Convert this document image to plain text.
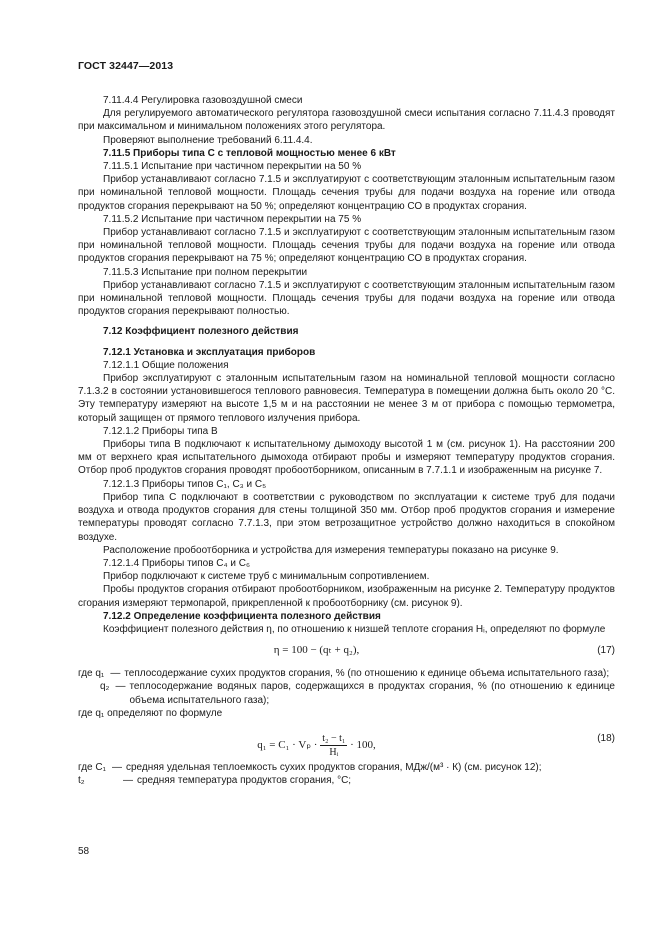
ГОСТ 32447—2013

7.11.4.4 Регулировка газовоздушной смеси

Для регулируемого автоматического регулятора газовоздушной смеси испытания согласно 7.11.4.3 проводят при максимальном и минимальном положениях этого регулятора.

Проверяют выполнение требований 6.11.4.4.

7.11.5 Приборы типа С с тепловой мощностью менее 6 кВт

7.11.5.1 Испытание при частичном перекрытии на 50 %

Прибор устанавливают согласно 7.1.5 и эксплуатируют с соответствующим эталонным испытательным газом при номинальной тепловой мощности. Площадь сечения трубы для подачи воздуха на горение или отвода продуктов сгорания перекрывают на 50 %; определяют концентрацию СО в продуктах сгорания.

7.11.5.2 Испытание при частичном перекрытии на 75 %

Прибор устанавливают согласно 7.1.5 и эксплуатируют с соответствующим эталонным испытательным газом при номинальной тепловой мощности. Площадь сечения трубы для подачи воздуха на горение или отвода продуктов сгорания перекрывают на 75 %; определяют концентрацию СО в продуктах сгорания.

7.11.5.3 Испытание при полном перекрытии

Прибор устанавливают согласно 7.1.5 и эксплуатируют с соответствующим эталонным испытательным газом при номинальной тепловой мощности. Площадь сечения трубы для подачи воздуха на горение или отвода продуктов сгорания перекрывают полностью.

7.12 Коэффициент полезного действия

7.12.1 Установка и эксплуатация приборов

7.12.1.1 Общие положения

Прибор эксплуатируют с эталонным испытательным газом на номинальной тепловой мощности согласно 7.1.3.2 в состоянии установившегося теплового равновесия. Температура в помещении должна быть около 20 °С. Эту температуру измеряют на высоте 1,5 м и на расстоянии не менее 3 м от прибора с помощью термометра, который защищен от прямого теплового излучения прибора.

7.12.1.2 Приборы типа В

Приборы типа В подключают к испытательному дымоходу высотой 1 м (см. рисунок 1). На расстоянии 200 мм от верхнего края испытательного дымохода отбирают пробы и измеряют температуру продуктов сгорания. Отбор проб продуктов сгорания проводят пробоотборником, описанным в 7.7.1.1 и изображенным на рисунке 7.

7.12.1.3 Приборы типов С₁, С₃ и С₅

Прибор типа С подключают в соответствии с руководством по эксплуатации к системе труб для подачи воздуха и отвода продуктов сгорания для стены толщиной 350 мм. Отбор проб продуктов сгорания и измерение температуры проводят согласно 7.7.1.3, при этом ветрозащитное устройство должно находиться в спокойном воздухе.

Расположение пробоотборника и устройства для измерения температуры показано на рисунке 9.

7.12.1.4 Приборы типов С₄ и С₆

Прибор подключают к системе труб с минимальным сопротивлением.

Пробы продуктов сгорания отбирают пробоотборником, изображенным на рисунке 2. Температуру продуктов сгорания измеряют термопарой, прикрепленной к пробоотборнику (см. рисунок 9).

7.12.2 Определение коэффициента полезного действия

Коэффициент полезного действия η, по отношению к низшей теплоте сгорания Hᵢ, определяют по формуле

η = 100 − (qₜ + q₂),	(17)
где q₁ — теплосодержание сухих продуктов сгорания, % (по отношению к единице объема испытательного газа);
q₂ — теплосодержание водяных паров, содержащихся в продуктах сгорания, % (по отношению к единице объема испытательного газа);

где q₁ определяют по формуле

$q_1 = C_1 \cdot V_p \cdot \frac{\text{t₂ − t₁}}{\text{Hᵢ}} \cdot 100$,
(18)
где C₁ — средняя удельная теплоемкость сухих продуктов сгорания, МДж/(м³ · К) (см. рисунок 12);
t₂	— средняя температура продуктов сгорания, °С;
58
